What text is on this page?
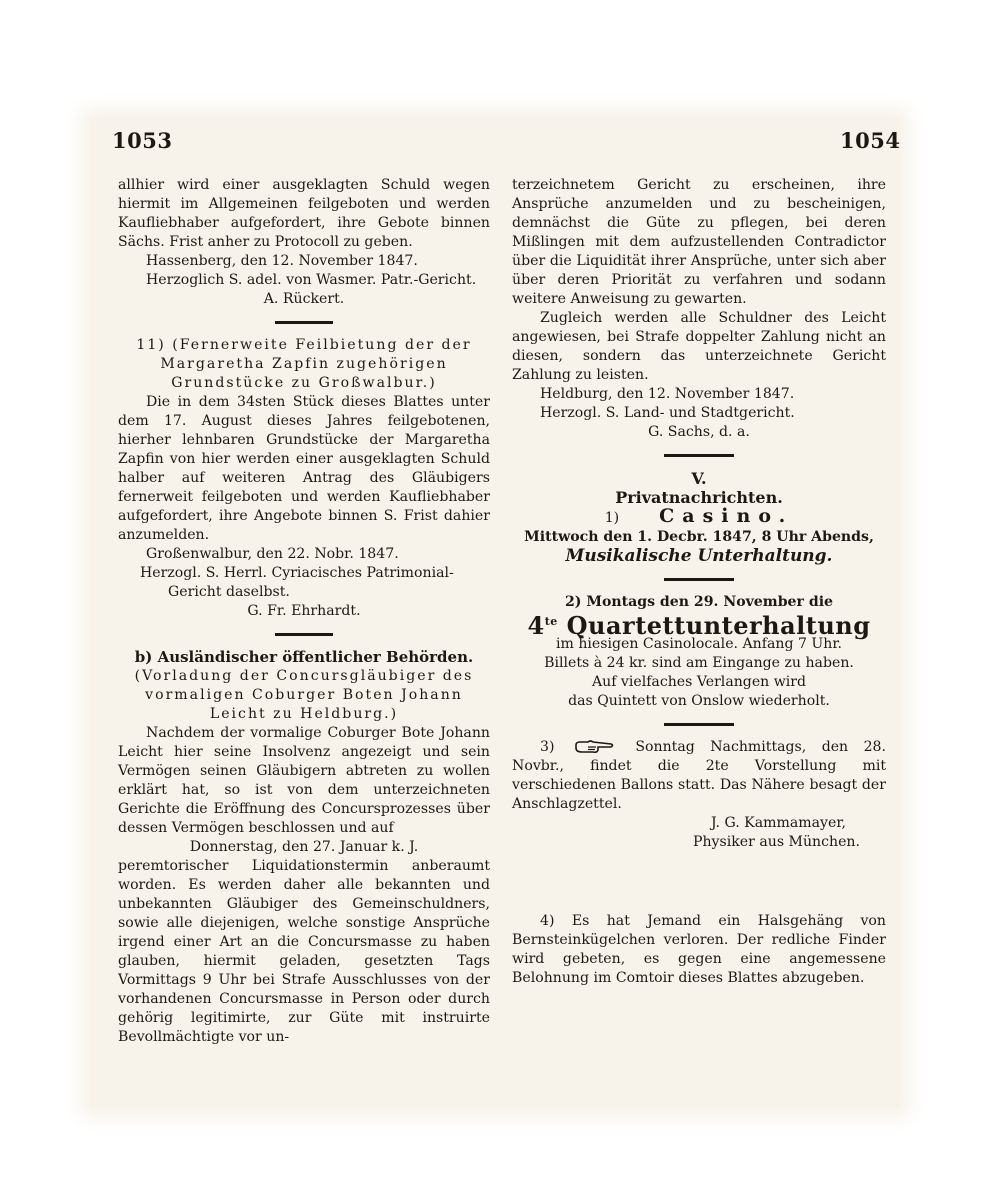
1053	1054

allhier wird einer ausgeklagten Schuld wegen hiermit im Allgemeinen feilgeboten und werden Kaufliebhaber aufgefordert, ihre Gebote binnen Sächs. Frist anher zu Protocoll zu geben.

Hassenberg, den 12. November 1847.

Herzoglich S. adel. von Wasmer. Patr.-Gericht.

A. Rückert.

11) (Fernerweite Feilbietung der der Margaretha Zapfin zugehörigen Grundstücke zu Großwalbur.)

Die in dem 34sten Stück dieses Blattes unter dem 17. August dieses Jahres feilgebotenen, hierher lehnbaren Grundstücke der Margaretha Zapfin von hier werden einer ausgeklagten Schuld halber auf weiteren Antrag des Gläubigers fernerweit feilgeboten und werden Kaufliebhaber aufgefordert, ihre Angebote binnen S. Frist dahier anzumelden.

Großenwalbur, den 22. Nobr. 1847.

Herzogl. S. Herrl. Cyriacisches Patrimonial-Gericht daselbst.

G. Fr. Ehrhardt.

b) Ausländischer öffentlicher Behörden.

(Vorladung der Concursgläubiger des vormaligen Coburger Boten Johann Leicht zu Heldburg.)

Nachdem der vormalige Coburger Bote Johann Leicht hier seine Insolvenz angezeigt und sein Vermögen seinen Gläubigern abtreten zu wollen erklärt hat, so ist von dem unterzeichneten Gerichte die Eröffnung des Concursprozesses über dessen Vermögen beschlossen und auf

Donnerstag, den 27. Januar k. J.

peremtorischer Liquidationstermin anberaumt worden. Es werden daher alle bekannten und unbekannten Gläubiger des Gemeinschuldners, sowie alle diejenigen, welche sonstige Ansprüche irgend einer Art an die Concursmasse zu haben glauben, hiermit geladen, gesetzten Tags Vormittags 9 Uhr bei Strafe Ausschlusses von der vorhandenen Concursmasse in Person oder durch gehörig legitimirte, zur Güte mit instruirte Bevollmächtigte vor un-

terzeichnetem Gericht zu erscheinen, ihre Ansprüche anzumelden und zu bescheinigen, demnächst die Güte zu pflegen, bei deren Mißlingen mit dem aufzustellenden Contradictor über die Liquidität ihrer Ansprüche, unter sich aber über deren Priorität zu verfahren und sodann weitere Anweisung zu gewarten.

Zugleich werden alle Schuldner des Leicht angewiesen, bei Strafe doppelter Zahlung nicht an diesen, sondern das unterzeichnete Gericht Zahlung zu leisten.

Heldburg, den 12. November 1847.

Herzogl. S. Land- und Stadtgericht.

G. Sachs, d. a.

V.

Privatnachrichten.

1) Casino.

Mittwoch den 1. Decbr. 1847, 8 Uhr Abends,

Musikalische Unterhaltung.

2) Montags den 29. November die

$4^{te}$ Quartettunterhaltung

im hiesigen Casinolocale. Anfang 7 Uhr.

Billets à 24 kr. sind am Eingange zu haben.

Auf vielfaches Verlangen wird

das Quintett von Onslow wiederholt.

3)	Sonntag Nachmittags, den 28. Novbr., findet die 2te Vorstellung mit verschiedenen Ballons statt. Das Nähere besagt der Anschlagzettel.

J. G. Kammamayer,

Physiker aus München.

4) Es hat Jemand ein Halsgehäng von Bernsteinkügelchen verloren. Der redliche Finder wird gebeten, es gegen eine angemessene Belohnung im Comtoir dieses Blattes abzugeben.
